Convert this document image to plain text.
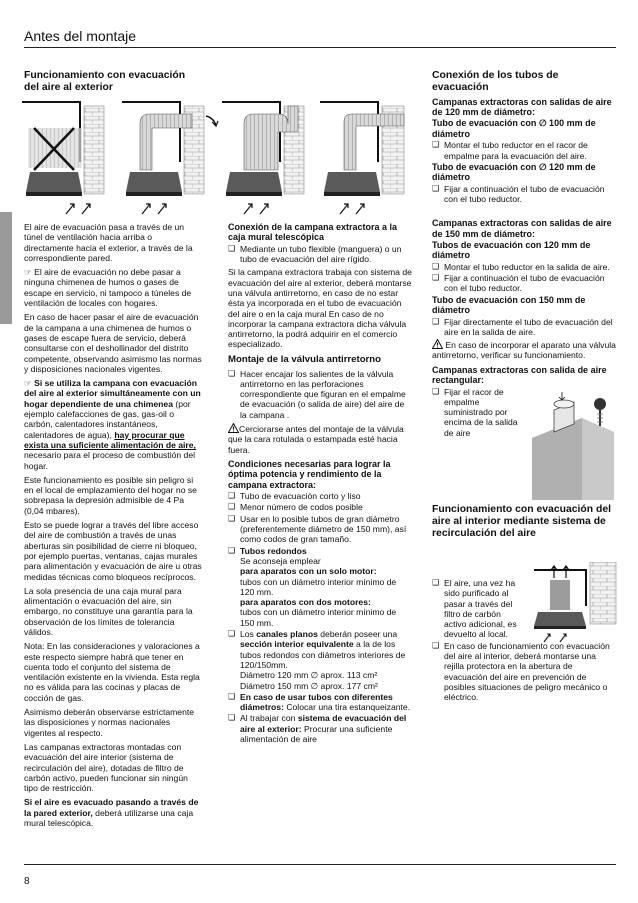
Antes del montaje
Funcionamiento con evacuación del aire al exterior

El aire de evacuación pasa a través de un túnel de ventilación hacia arriba o directamente hacia el exterior, a través de la correspondiente pared.

☞ El aire de evacuación no debe pasar a ninguna chimenea de humos o gases de escape en servicio, ni tampoco a túneles de ventilación de locales con hogares.

En caso de hacer pasar el aire de evacuación de la campana a una chimenea de humos o gases de escape fuera de servicio, deberá consultarse con el deshollinador del distrito competente, observando asimismo las normas y disposiciones nacionales vigentes.

☞ Si se utiliza la campana con evacuación del aire al exterior simultáneamente con un hogar dependiente de una chimenea (por ejemplo calefacciones de gas, gas-oil o carbón, calentadores instantáneos, calentadores de agua), hay procurar que exista una suficiente alimentación de aire, necesario para el proceso de combustión del hogar.

Este funcionamiento es posible sin peligro si en el local de emplazamiento del hogar no se sobrepasa la depresión admisible de 4 Pa (0,04 mbares).

Esto se puede lograr a través del libre acceso del aire de combustión a través de unas aberturas sin posibilidad de cierre ni bloqueo, por ejemplo puertas, ventanas, cajas murales para alimentación y evacuación de aire u otras medidas técnicas como bloqueos recíprocos.

La sola presencia de una caja mural para alimentación o evacuación del aire, sin embargo, no constituye una garantía para la observación de los límites de tolerancia válidos.

Nota: En las consideraciones y valoraciones a este respecto siempre habrá que tener en cuenta todo el conjunto del sistema de ventilación existente en la vivienda. Esta regla no es válida para las cocinas y placas de cocción de gas.

Asimismo deberán observarse estrictamente las disposiciones y normas nacionales vigentes al respecto.

Las campanas extractoras montadas con evacuación del aire interior (sistema de recirculación del aire), dotadas de filtro de carbón activo, pueden funcionar sin ningún tipo de restricción.

Si el aire es evacuado pasando a través de la pared exterior, deberá utilizarse una caja mural telescópica.

Conexión de la campana extractora a la caja mural telescópica
❑ Mediante un tubo flexible (manguera) o un tubo de evacuación del aire rígido.

Si la campana extractora trabaja con sistema de evacuación del aire al exterior, deberá montarse una válvula antirretorno, en caso de no estar ésta ya incorporada en el tubo de evacuación del aire o en la caja mural En caso de no incorporar la campana extractora dicha válvula antirretorno, la podrá adquirir en el comercio especializado.

Montaje de la válvula antirretorno
❑ Hacer encajar los salientes de la válvula antirretorno en las perforaciones correspondiente que figuran en el empalme de evacuación (o salida de aire) del aire de la campana .

Cerciorarse antes del montaje de la válvula que la cara rotulada o estampada esté hacia fuera.

Condiciones necesarias para lograr la óptima potencia y rendimiento de la campana extractora:
❑ Tubo de evacuación corto y liso
❑ Menor número de codos posible
❑ Usar en lo posible tubos de gran diámetro (preferentemente diámetro de 150 mm), así como codos de gran tamaño.
❑ Tubos redondos
Se aconseja emplear
para aparatos con un solo motor:
tubos con un diámetro interior mínimo de 120 mm.
para aparatos con dos motores:
tubos con un diámetro interior mínimo de 150 mm.
❑ Los canales planos deberán poseer una sección interior equivalente a la de los tubos redondos con diámetros interiores de 120/150mm.
Diámetro 120 mm ∅ aprox. 113 cm²
Diámetro 150 mm ∅ aprox. 177 cm²
❑ En caso de usar tubos con diferentes diámetros: Colocar una tira estanqueizante.
❑ Al trabajar con sistema de evacuación del aire al exterior: Procurar una suficiente alimentación de aire
Conexión de los tubos de evacuación
Campanas extractoras con salidas de aire de 120 mm de diámetro:
Tubo de evacuación con ∅ 100 mm de diámetro
❑ Montar el tubo reductor en el racor de empalme para la evacuación del aire.
Tubo de evacuación con ∅ 120 mm de diámetro
❑ Fijar a continuación el tubo de evacuación con el tubo reductor.
Campanas extractoras con salidas de aire de 150 mm de diámetro:
Tubos de evacuación con 120 mm de diámetro
❑ Montar el tubo reductor en la salida de aire.
❑ Fijar a continuación el tubo de evacuación con el tubo reductor.
Tubo de evacuación con 150 mm de diámetro
❑ Fijar directamente el tubo de evacuación del aire en la salida de aire.

En caso de incorporar el aparato una válvula antirretorno, verificar su funcionamiento.

Campanas extractoras con salida de aire rectangular:
❑ Fijar el racor de empalme suministrado por encima de la salida de aire
Funcionamiento con evacuación del aire al interior mediante sistema de recirculación del aire
❑ El aire, una vez ha sido purificado al pasar a través del filtro de carbón activo adicional, es devuelto al local.
❑ En caso de funcionamiento con evacuación del aire al interior, deberá montarse una rejilla protectora en la abertura de evacuación del aire en prevención de posibles situaciones de peligro mecánico o eléctrico.
8
